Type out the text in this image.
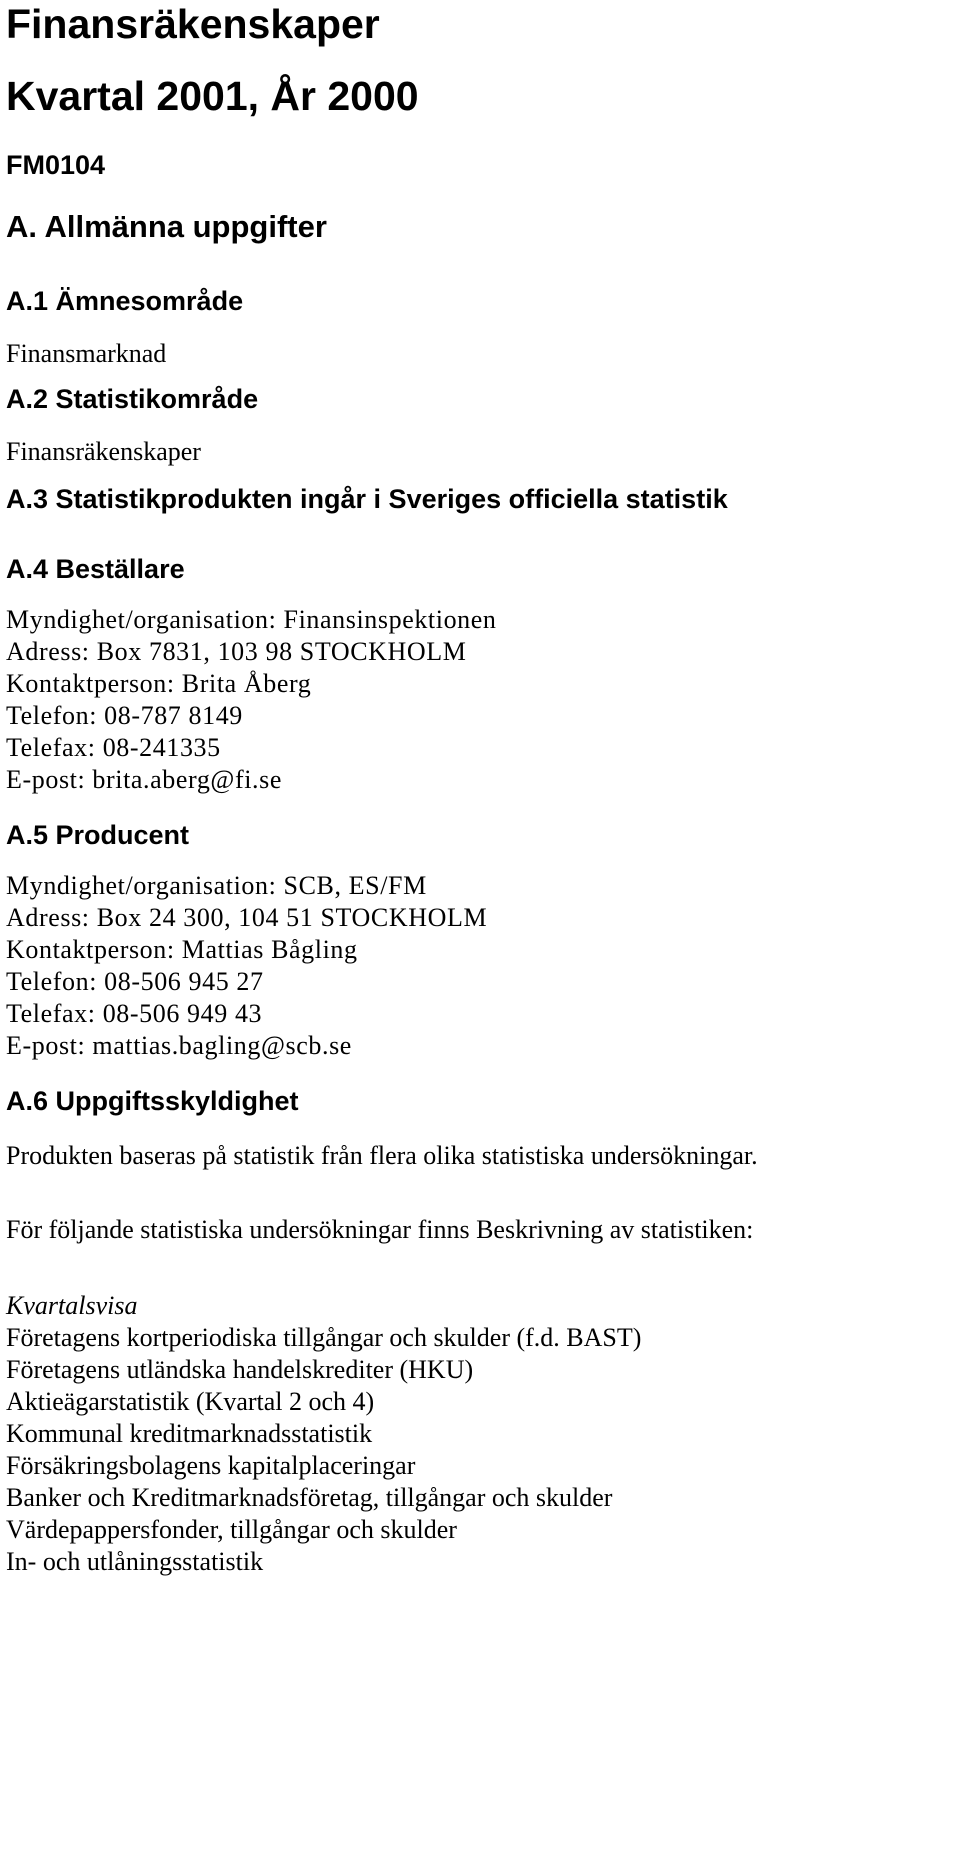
Finansräkenskaper
Kvartal 2001, År 2000
FM0104
A. Allmänna uppgifter
A.1 Ämnesområde

Finansmarknad

A.2 Statistikområde

Finansräkenskaper

A.3 Statistikprodukten ingår i Sveriges officiella statistik
A.4 Beställare

Myndighet/organisation: Finansinspektionen

Adress: Box 7831, 103 98 STOCKHOLM

Kontaktperson: Brita Åberg

Telefon: 08-787 8149

Telefax: 08-241335

E-post: brita.aberg@fi.se

A.5 Producent

Myndighet/organisation: SCB, ES/FM

Adress: Box 24 300, 104 51 STOCKHOLM

Kontaktperson: Mattias Bågling

Telefon: 08-506 945 27

Telefax: 08-506 949 43

E-post: mattias.bagling@scb.se

A.6 Uppgiftsskyldighet

Produkten baseras på statistik från flera olika statistiska undersökningar.

För följande statistiska undersökningar finns Beskrivning av statistiken:

Kvartalsvisa

Företagens kortperiodiska tillgångar och skulder (f.d. BAST)

Företagens utländska handelskrediter (HKU)

Aktieägarstatistik (Kvartal 2 och 4)

Kommunal kreditmarknadsstatistik

Försäkringsbolagens kapitalplaceringar

Banker och Kreditmarknadsföretag, tillgångar och skulder

Värdepappersfonder, tillgångar och skulder

In- och utlåningsstatistik
